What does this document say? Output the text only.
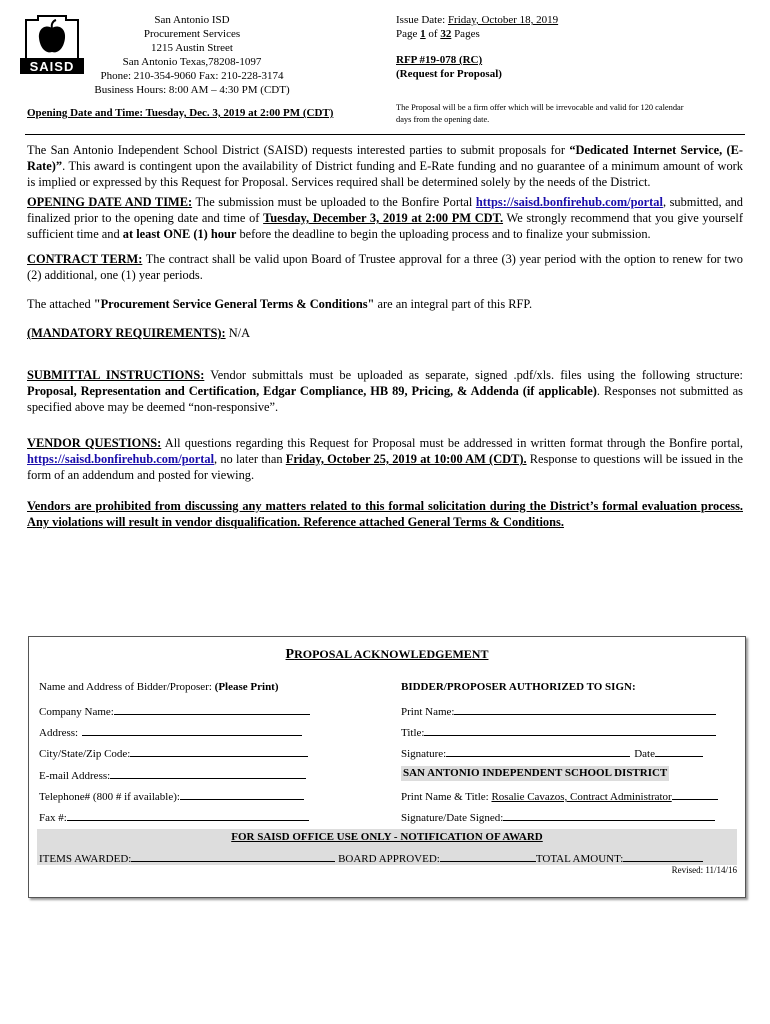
SAISD
San Antonio ISD
Procurement Services
1215 Austin Street
San Antonio Texas,78208-1097
Phone: 210-354-9060 Fax: 210-228-3174
Business Hours: 8:00 AM – 4:30 PM (CDT)
Issue Date: Friday, October 18, 2019
Page 1 of 32 Pages
RFP #19-078 (RC)
(Request for Proposal)
Opening Date and Time: Tuesday, Dec. 3, 2019 at 2:00 PM (CDT)	The Proposal will be a firm offer which will be irrevocable and valid for 120 calendar days from the opening date.

The San Antonio Independent School District (SAISD) requests interested parties to submit proposals for “Dedicated Internet Service, (E-Rate)”. This award is contingent upon the availability of District funding and E-Rate funding and no guarantee of a minimum amount of work is implied or expressed by this Request for Proposal. Services required shall be determined solely by the needs of the District.

OPENING DATE AND TIME: The submission must be uploaded to the Bonfire Portal https://saisd.bonfirehub.com/portal, submitted, and finalized prior to the opening date and time of Tuesday, December 3, 2019 at 2:00 PM CDT. We strongly recommend that you give yourself sufficient time and at least ONE (1) hour before the deadline to begin the uploading process and to finalize your submission.

CONTRACT TERM: The contract shall be valid upon Board of Trustee approval for a three (3) year period with the option to renew for two (2) additional, one (1) year periods.

The attached "Procurement Service General Terms & Conditions" are an integral part of this RFP.

(MANDATORY REQUIREMENTS): N/A

SUBMITTAL INSTRUCTIONS: Vendor submittals must be uploaded as separate, signed .pdf/xls. files using the following structure: Proposal, Representation and Certification, Edgar Compliance, HB 89, Pricing, & Addenda (if applicable). Responses not submitted as specified above may be deemed “non-responsive”.

VENDOR QUESTIONS: All questions regarding this Request for Proposal must be addressed in written format through the Bonfire portal, https://saisd.bonfirehub.com/portal, no later than Friday, October 25, 2019 at 10:00 AM (CDT). Response to questions will be issued in the form of an addendum and posted for viewing.

Vendors are prohibited from discussing any matters related to this formal solicitation during the District’s formal evaluation process. Any violations will result in vendor disqualification. Reference attached General Terms & Conditions.

PROPOSAL ACKNOWLEDGEMENT
Name and Address of Bidder/Proposer: (Please Print)	BIDDER/PROPOSER AUTHORIZED TO SIGN:
Company Name:	Print Name:
Address:	Title:
City/State/Zip Code:	Signature:	Date
E-mail Address:	SAN ANTONIO INDEPENDENT SCHOOL DISTRICT
Telephone# (800 # if available):	Print Name & Title: Rosalie Cavazos, Contract Administrator
Fax #:	Signature/Date Signed:
FOR SAISD OFFICE USE ONLY - NOTIFICATION OF AWARD
ITEMS AWARDED:	BOARD APPROVED:	TOTAL AMOUNT:
Revised: 11/14/16
